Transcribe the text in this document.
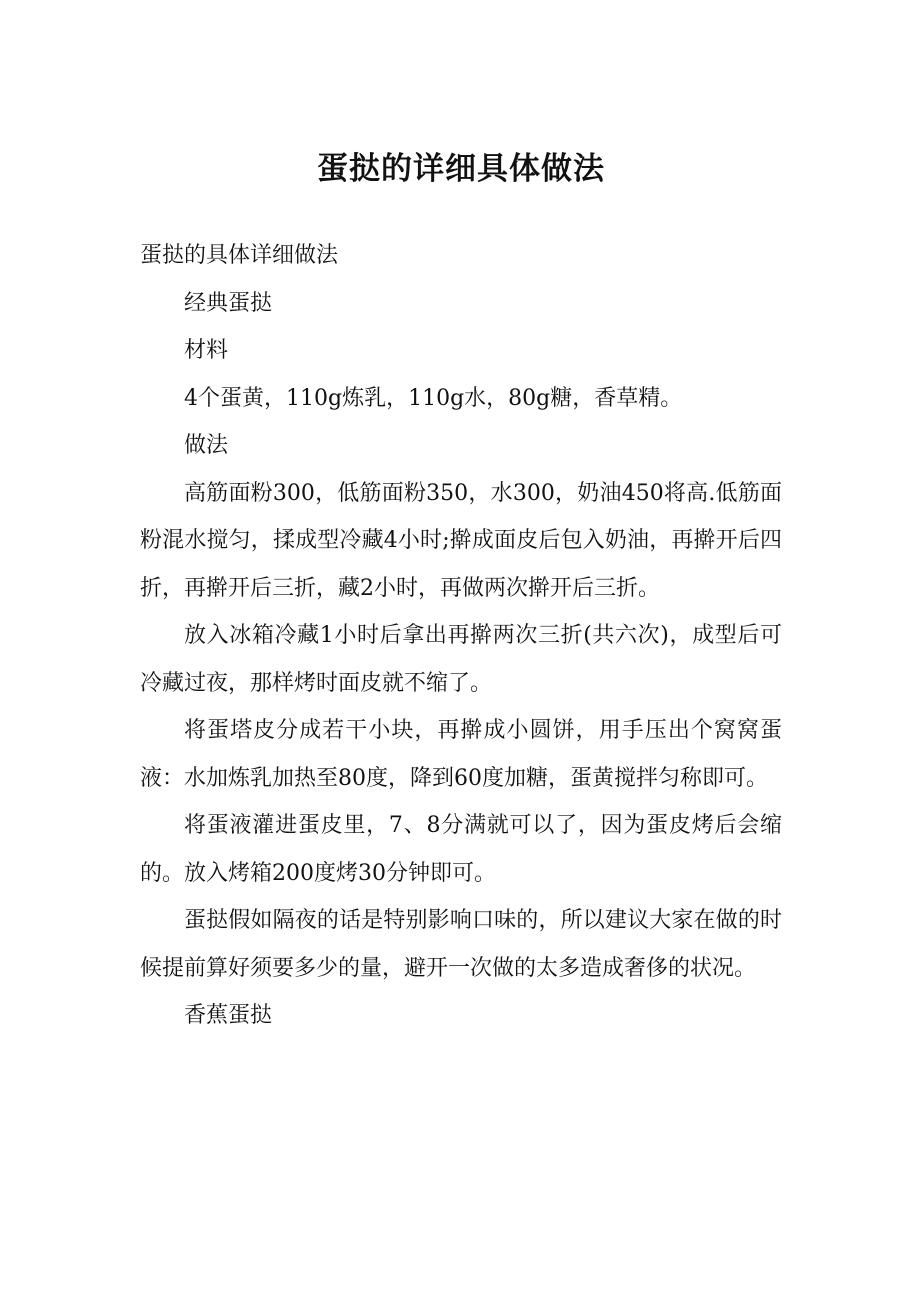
蛋挞的详细具体做法

蛋挞的具体详细做法

经典蛋挞

材料

4个蛋黄，110g炼乳，110g水，80g糖，香草精。

做法

高筋面粉300，低筋面粉350，水300，奶油450将高.低筋面粉混水搅匀，揉成型冷藏4小时;擀成面皮后包入奶油，再擀开后四折，再擀开后三折，藏2小时，再做两次擀开后三折。

放入冰箱冷藏1小时后拿出再擀两次三折(共六次)，成型后可冷藏过夜，那样烤时面皮就不缩了。

将蛋塔皮分成若干小块，再擀成小圆饼，用手压出个窝窝蛋液：水加炼乳加热至80度，降到60度加糖，蛋黄搅拌匀称即可。

将蛋液灌进蛋皮里，7、8分满就可以了，因为蛋皮烤后会缩的。放入烤箱200度烤30分钟即可。

蛋挞假如隔夜的话是特别影响口味的，所以建议大家在做的时候提前算好须要多少的量，避开一次做的太多造成奢侈的状况。

香蕉蛋挞
